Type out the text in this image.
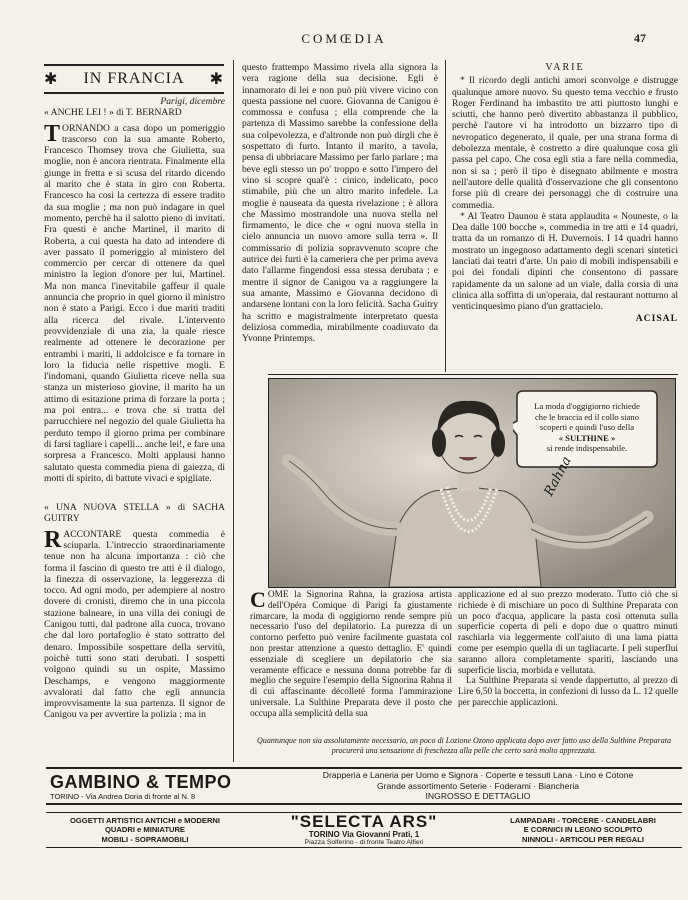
COMŒDIA	47
✱ IN FRANCIA ✱

Parigi, dicembre

« ANCHE LEI ! » di T. BERNARD

TORNANDO a casa dopo un pomeriggio trascorso con la sua amante Roberto, Francesco Thomsey trova che Giulietta, sua moglie, non è ancora rientrata. Finalmente ella giunge in fretta e si scusa del ritardo dicendo al marito che è stata in giro con Roberta. Francesco ha così la certezza di essere tradito da sua moglie ; ma non può indagare in quel momento, perchè ha il salotto pieno di invitati. Fra questi è anche Martinel, il marito di Roberta, a cui questa ha dato ad intendere di aver passato il pomeriggio al ministero del commercio per cercar di ottenere da quel ministro la legion d'onore per lui, Martinel. Ma non manca l'inevitabile gaffeur il quale annuncia che proprio in quel giorno il ministro non è stato a Parigi. Ecco i due mariti traditi alla ricerca del rivale. L'intervento provvidenziale di una zia, la quale riesce realmente ad ottenere le decorazione per entrambi i mariti, li addolcisce e fa tornare in loro la fiducia nelle rispettive mogli. E l'indomani, quando Giulietta riceve nella sua stanza un misterioso giovine, il marito ha un attimo di esitazione prima di forzare la porta ; ma poi entra... e trova che si tratta del parrucchiere nel negozio del quale Giulietta ha perduto tempo il giorno prima per combinare di farsi tagliare i capelli... anche lei!, e fare una sorpresa a Francesco. Molti applausi hanno salutato questa commedia piena di gaiezza, di motti di spirito, di battute vivaci e spigliate.

« UNA NUOVA STELLA » di SACHA GUITRY

RACCONTARE questa commedia è sciuparla. L'intreccio straordinariamente tenue non ha alcuna importanza : ciò che forma il fascino di questo tre atti è il dialogo, la finezza di osservazione, la leggerezza di tocco. Ad ogni modo, per adempiere al nostro dovere di cronisti, diremo che in una piccola stazione balneare, in una villa dei coniugi de Canigou tutti, dal padrone alla cuoca, trovano che dal loro portafoglio è stato sottratto del denaro. Impossibile sospettare della servitù, poichè tutti sono stati derubati. I sospetti volgono quindi su un ospite, Massimo Deschamps, e vengono maggiormente avvalorati dal fatto che egli annuncia improvvisamente la sua partenza. Il signor de Canigou va per avvertire la polizia ; ma in

questo frattempo Massimo rivela alla signora la vera ragione della sua decisione. Egli è innamorato di lei e non può più vivere vicino con questa passione nel cuore. Giovanna de Canigou è commossa e confusa ; ella comprende che la partenza di Massimo sarebbe la confessione della sua colpevolezza, e d'altronde non può dirgli che è sospettato di furto. Intanto il marito, a tavola, pensa di ubbriacare Massimo per farlo parlare ; ma beve egli stesso un po' troppo e sotto l'impero del vino si scopre qual'è : cinico, indelicato, poco stimabile, più che un altro marito infedele. La moglie è nauseata da questa rivelazione ; è allora che Massimo mostrandole una nuova stella nel firmamento, le dice che « ogni nuova stella in cielo annuncia un nuovo amore sulla terra ». Il commissario di polizia sopravvenuto scopre che autrice dei furti è la cameriera che per prima aveva dato l'allarme fingendosi essa stessa derubata ; e mentre il signor de Canigou va a raggiungere la sua amante, Massimo e Giovanna decidono di andarsene lontani con la loro felicità. Sacha Guitry ha scritto e magistralmente interpretato questa deliziosa commedia, mirabilmente coadiuvato da Yvonne Printemps.

VARIE

* Il ricordo degli antichi amori sconvolge e distrugge qualunque amore nuovo. Su questo tema vecchio e frusto Roger Ferdinand ha imbastito tre atti piuttosto lunghi e sciutti, che hanno però divertito abbastanza il pubblico, perchè l'autore vi ha introdotto un bizzarro tipo di nevropatico degenerato, il quale, per una strana forma di debolezza mentale, è costretto a dire qualunque cosa gli passa pel capo. Che cosa egli stia a fare nella commedia, non si sa ; però il tipo è disegnato abilmente e mostra nell'autore delle qualità d'osservazione che gli consentono forse più di creare dei personaggi che di costruire una commedia.

* Al Teatro Daunou è stata applaudita « Nouneste, o la Dea dalle 100 bocche », commedia in tre atti e 14 quadri, tratta da un romanzo di H. Duvernois. I 14 quadri hanno mostrato un ingegnoso adattamento degli scenari sintetici lanciati dai teatri d'arte. Un paio di mobili indispensabili e poi dei fondali dipinti che consentono di passare rapidamente da un salone ad un viale, dalla corsia di una clinica alla soffitta di un'operaia, dal restaurant notturno al venticinquesimo piano d'un grattacielo.

ACISAL
La moda d'oggigiorno richiede
che le braccia ed il collo siano
scoperti e quindi l'uso della
« SULTHINE »
si rende indispensabile.
Rahna

COME la Signorina Rahna, la graziosa artista dell'Opéra Comique di Parigi fa giustamente rimarcare, la moda di oggigiorno rende sempre più necessario l'uso del depilatorio. La purezza di un contorno perfetto può venire facilmente guastata col non prestar attenzione a questo dettaglio. E' quindi essenziale di scegliere un depilatorio che sia veramente efficace e nessuna donna potrebbe far di meglio che seguire l'esempio della Signorina Rahna il di cui affascinante décolleté forma l'ammirazione universale. La Sulthine Preparata deve il posto che occupa alla semplicità della sua

applicazione ed al suo prezzo moderato. Tutto ciò che si richiede è di mischiare un poco di Sulthine Preparata con un poco d'acqua, applicare la pasta così ottenuta sulla superficie coperta di peli e dopo due o quattro minuti raschiarla via leggermente coll'aiuto di una lama piatta come per esempio quella di un tagliacarte. I peli superflui saranno allora completamente spariti, lasciando una superficie liscia, morbida e vellutata.

La Sulthine Preparata si vende dappertutto, al prezzo di Lire 6,50 la boccetta, in confezioni di lusso da L. 12 quelle per parecchie applicazioni.

Quantunque non sia assolutamente necessario, un poco di Lozione Ozono applicata dopo aver fatto uso della Sulthine Preparata procurerà una sensazione di freschezza alla pelle che certo sarà molto apprezzata.
GAMBINO & TEMPO
TORINO - Via Andrea Doria di fronte al N. 8
Drapperia e Laneria per Uomo e Signora · Coperte e tessuti Lana · Lino e Cotone
Grande assortimento Seterie · Foderami · Biancheria
INGROSSO E DETTAGLIO
OGGETTI ARTISTICI ANTICHI e MODERNI
QUADRI e MINIATURE
MOBILI - SOPRAMOBILI
"SELECTA ARS"
TORINO Via Giovanni Prati, 1
Piazza Solferino - di fronte Teatro Alfieri
LAMPADARI - TORCERE - CANDELABRI
E CORNICI IN LEGNO SCOLPITO
NINNOLI - ARTICOLI PER REGALI
